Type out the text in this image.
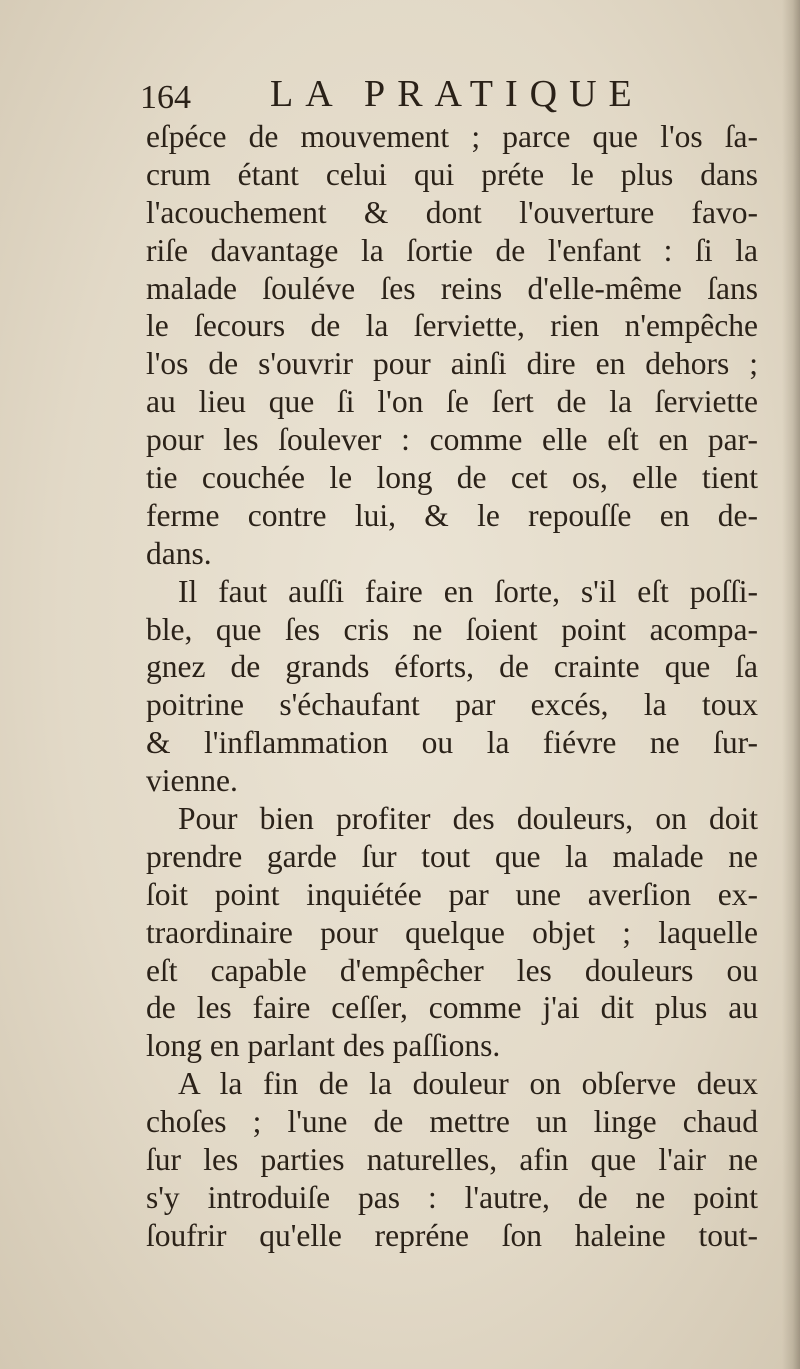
164 LA PRATIQUE
eſpéce de mouvement ; parce que l'os ſa-
crum étant celui qui préte le plus dans
l'acouchement & dont l'ouverture favo-
riſe davantage la ſortie de l'enfant : ſi la
malade ſouléve ſes reins d'elle-même ſans
le ſecours de la ſerviette, rien n'empêche
l'os de s'ouvrir pour ainſi dire en dehors ;
au lieu que ſi l'on ſe ſert de la ſerviette
pour les ſoulever : comme elle eſt en par-
tie couchée le long de cet os, elle tient
ferme contre lui, & le repouſſe en de-
dans.
Il faut auſſi faire en ſorte, s'il eſt poſſi-
ble, que ſes cris ne ſoient point acompa-
gnez de grands éforts, de crainte que ſa
poitrine s'échaufant par excés, la toux
& l'inflammation ou la fiévre ne ſur-
vienne.
Pour bien profiter des douleurs, on doit
prendre garde ſur tout que la malade ne
ſoit point inquiétée par une averſion ex-
traordinaire pour quelque objet ; laquelle
eſt capable d'empêcher les douleurs ou
de les faire ceſſer, comme j'ai dit plus au
long en parlant des paſſions.
A la fin de la douleur on obſerve deux
choſes ; l'une de mettre un linge chaud
ſur les parties naturelles, afin que l'air ne
s'y introduiſe pas : l'autre, de ne point
ſoufrir qu'elle repréne ſon haleine tout-
